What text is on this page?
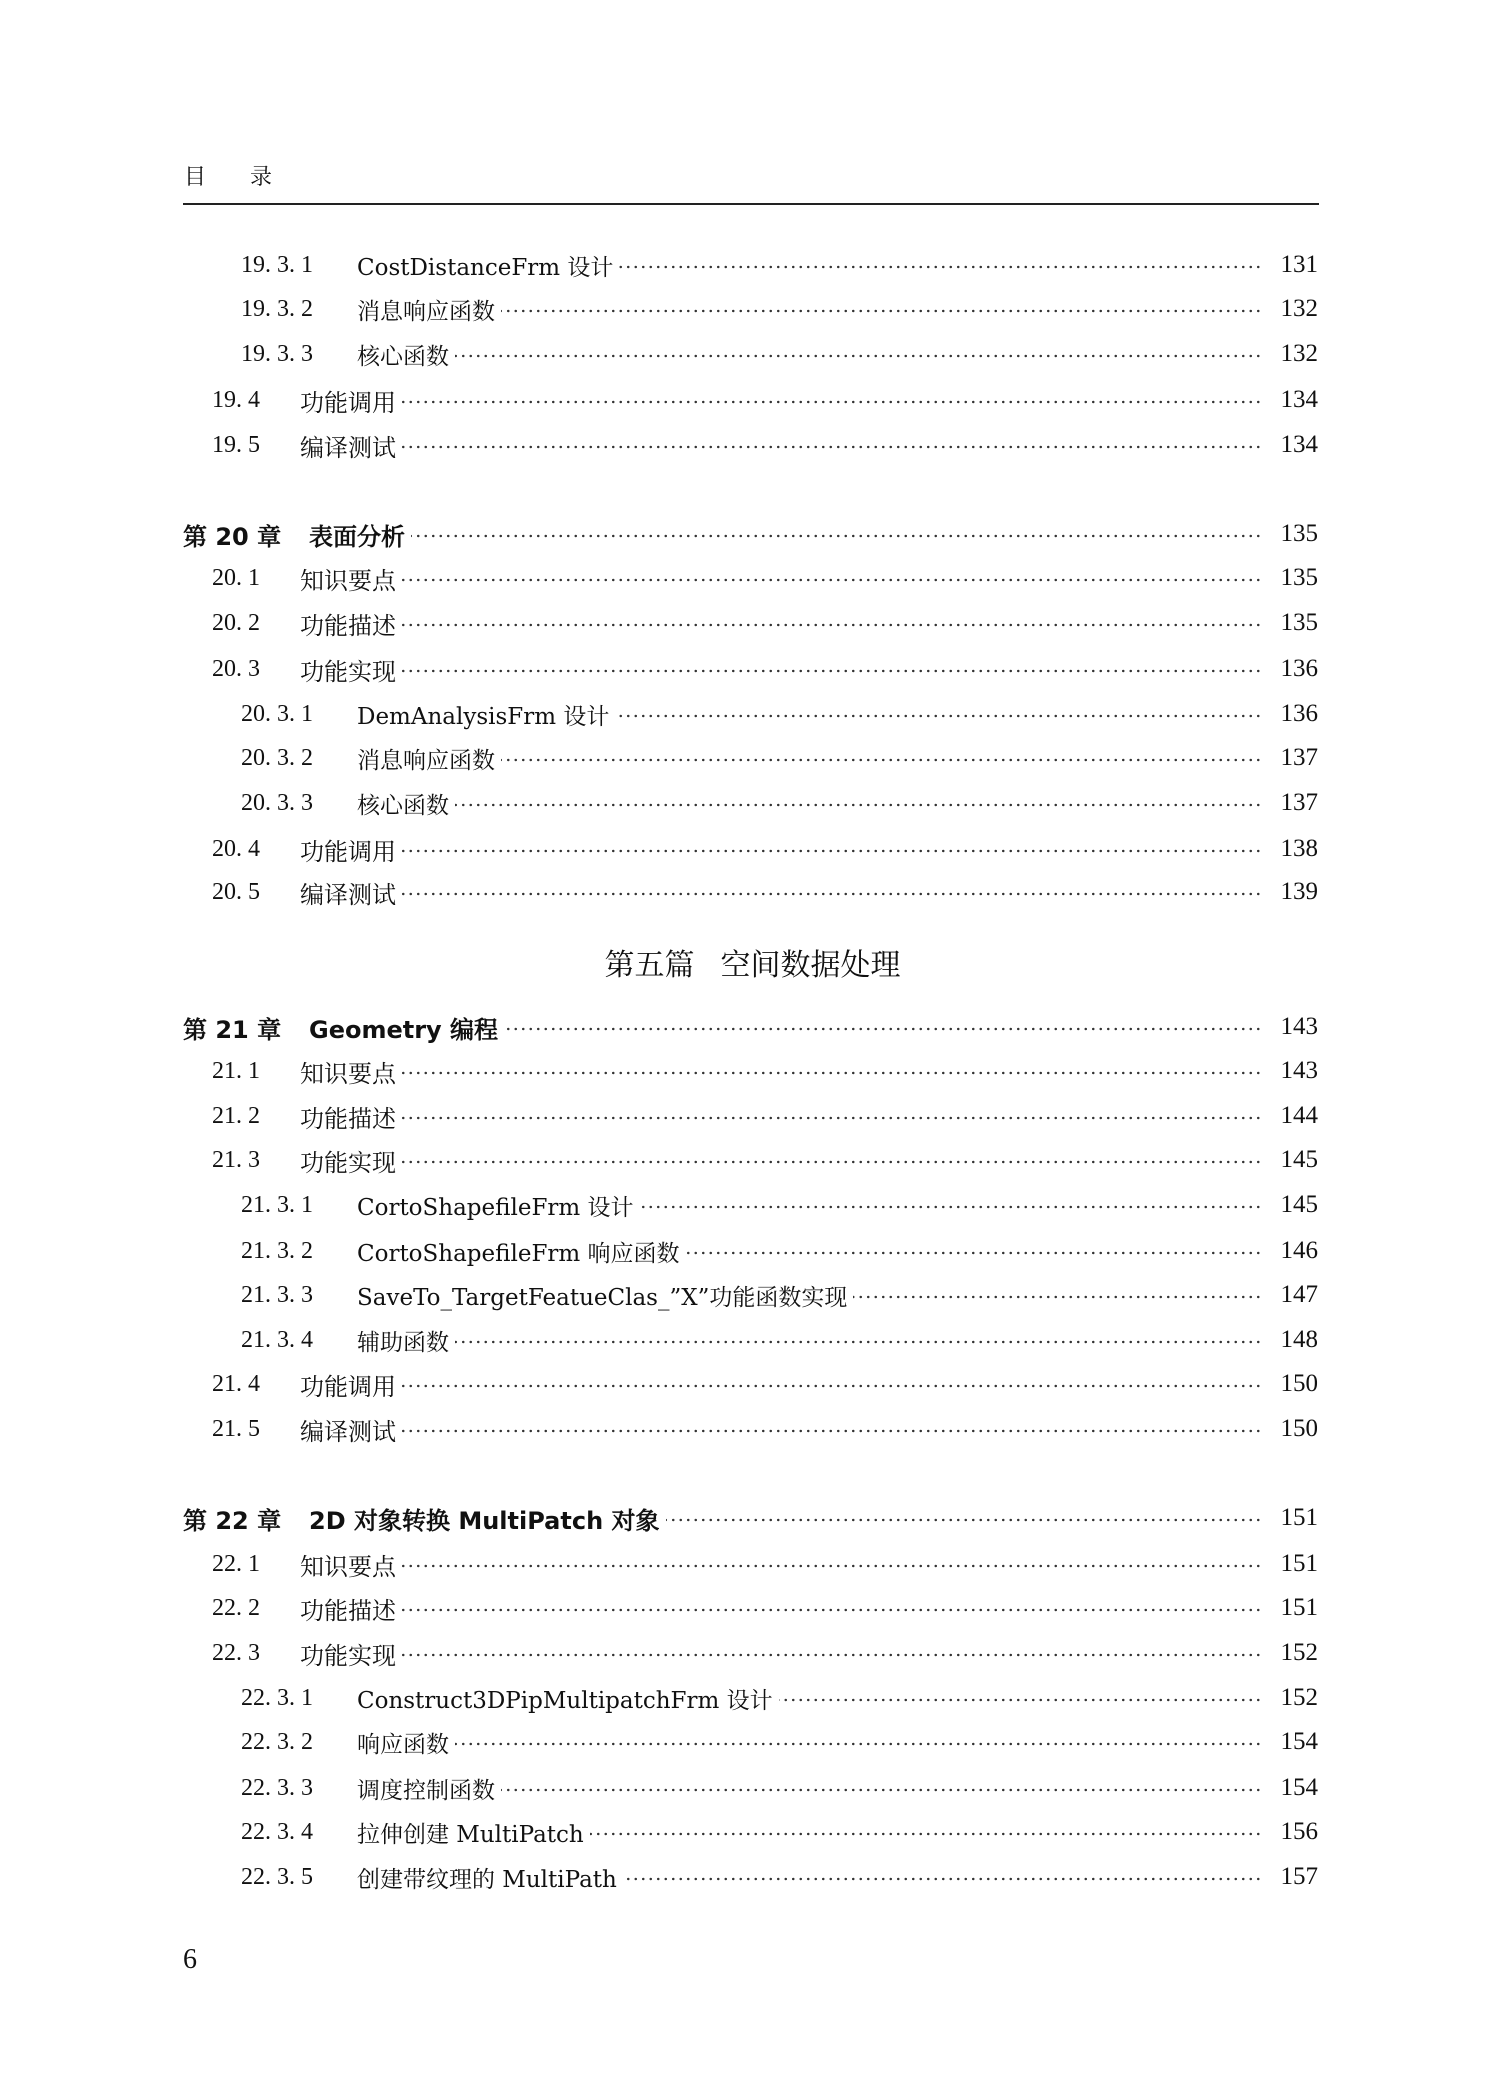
目 录
19. 3. 1 CostDistanceFrm 设计	131
19. 3. 2 消息响应函数	132
19. 3. 3 核心函数	132
19. 4 功能调用	134
19. 5 编译测试	134
第 20 章 表面分析	135
20. 1 知识要点	135
20. 2 功能描述	135
20. 3 功能实现	136
20. 3. 1 DemAnalysisFrm 设计	136
20. 3. 2 消息响应函数	137
20. 3. 3 核心函数	137
20. 4 功能调用	138
20. 5 编译测试	139
第 21 章 Geometry 编程	143
21. 1 知识要点	143
21. 2 功能描述	144
21. 3 功能实现	145
21. 3. 1 CortoShapefileFrm 设计	145
21. 3. 2 CortoShapefileFrm 响应函数	146
21. 3. 3 SaveTo_TargetFeatueClas_”X”功能函数实现	147
21. 3. 4 辅助函数	148
21. 4 功能调用	150
21. 5 编译测试	150
第 22 章 2D 对象转换 MultiPatch 对象	151
22. 1 知识要点	151
22. 2 功能描述	151
22. 3 功能实现	152
22. 3. 1 Construct3DPipMultipatchFrm 设计	152
22. 3. 2 响应函数	154
22. 3. 3 调度控制函数	154
22. 3. 4 拉伸创建 MultiPatch	156
22. 3. 5 创建带纹理的 MultiPath	157
第五篇 空间数据处理
6
